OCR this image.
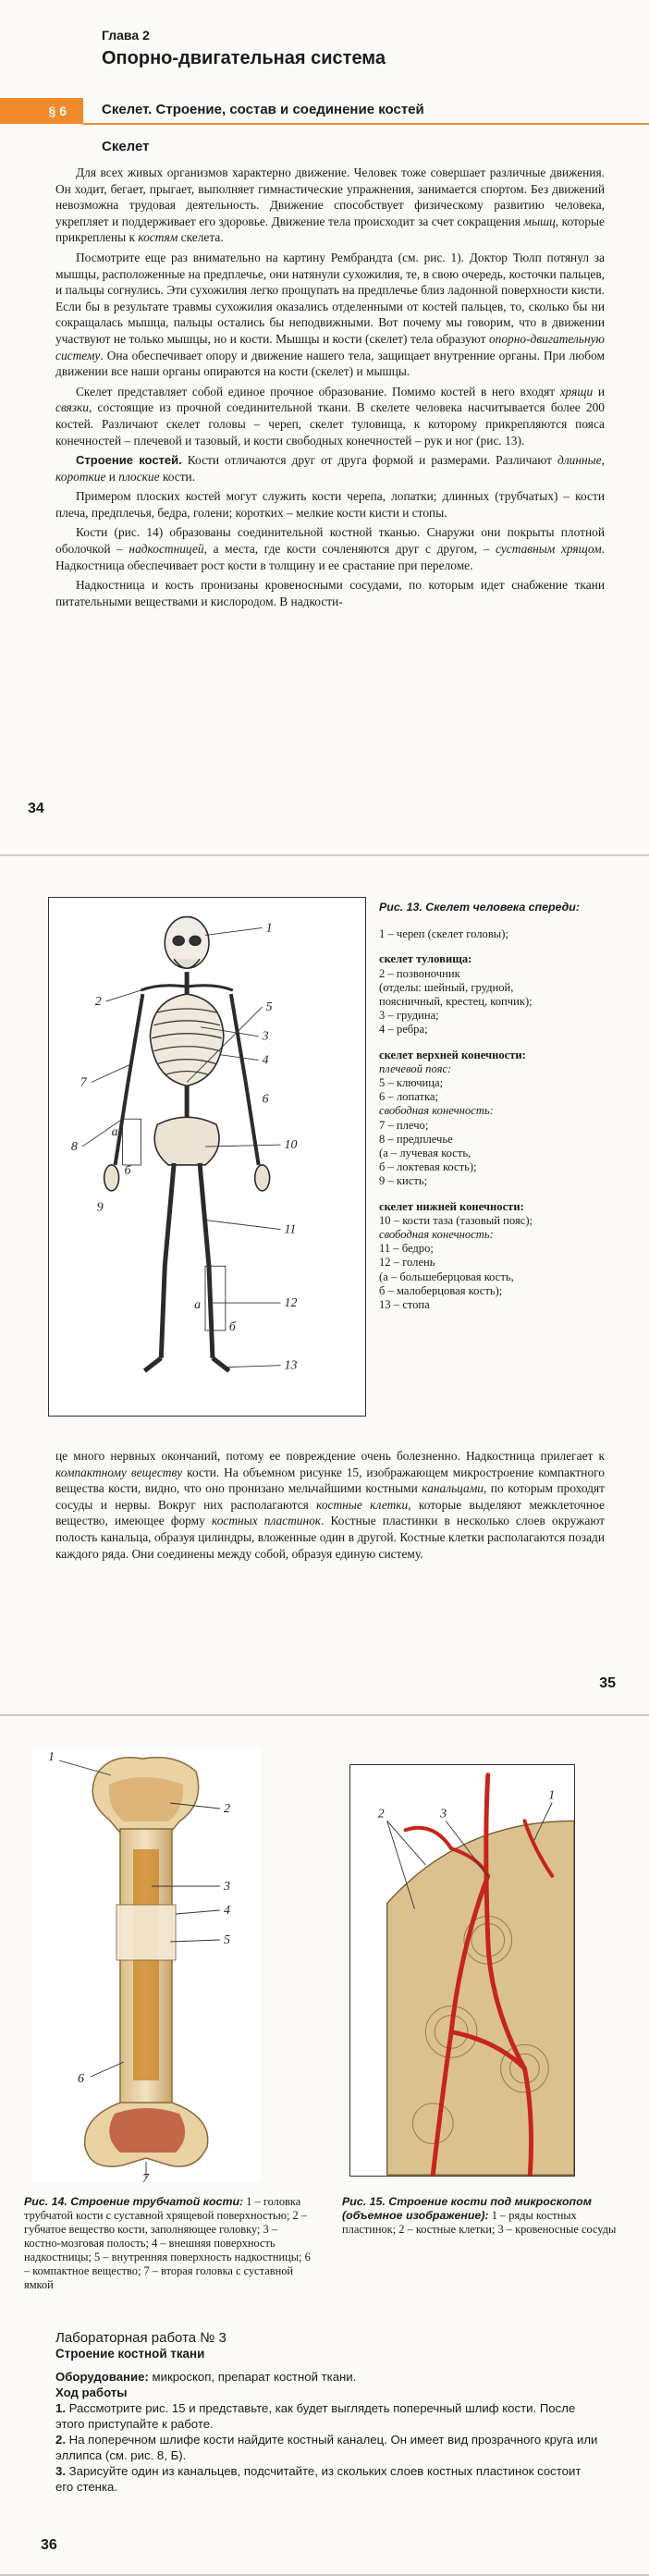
Глава 2
Опорно-двигательная система
§ 6	Скелет. Строение, состав и соединение костей
Скелет

Для всех живых организмов характерно движение. Человек тоже совершает различные движения. Он ходит, бегает, прыгает, выполняет гимнастические упражнения, занимается спортом. Без движений невозможна трудовая деятельность. Движение способствует физическому развитию человека, укрепляет и поддерживает его здоровье. Движение тела происходит за счет сокращения мышц, которые прикреплены к костям скелета.

Посмотрите еще раз внимательно на картину Рембрандта (см. рис. 1). Доктор Тюлп потянул за мышцы, расположенные на предплечье, они натянули сухожилия, те, в свою очередь, косточки пальцев, и пальцы согнулись. Эти сухожилия легко прощупать на предплечье близ ладонной поверхности кисти. Если бы в результате травмы сухожилия оказались отделенными от костей пальцев, то, сколько бы ни сокращалась мышца, пальцы остались бы неподвижными. Вот почему мы говорим, что в движении участвуют не только мышцы, но и кости. Мышцы и кости (скелет) тела образуют опорно-двигательную систему. Она обеспечивает опору и движение нашего тела, защищает внутренние органы. При любом движении все наши органы опираются на кости (скелет) и мышцы.

Скелет представляет собой единое прочное образование. Помимо костей в него входят хрящи и связки, состоящие из прочной соединительной ткани. В скелете человека насчитывается более 200 костей. Различают скелет головы – череп, скелет туловища, к которому прикрепляются пояса конечностей – плечевой и тазовый, и кости свободных конечностей – рук и ног (рис. 13).

Строение костей. Кости отличаются друг от друга формой и размерами. Различают длинные, короткие и плоские кости.

Примером плоских костей могут служить кости черепа, лопатки; длинных (трубчатых) – кости плеча, предплечья, бедра, голени; коротких – мелкие кости кисти и стопы.

Кости (рис. 14) образованы соединительной костной тканью. Снаружи они покрыты плотной оболочкой – надкостницей, а места, где кости сочленяются друг с другом, – суставным хрящом. Надкостница обеспечивает рост кости в толщину и ее срастание при переломе.

Надкостница и кость пронизаны кровеносными сосудами, по которым идет снабжение ткани питательными веществами и кислородом. В надкости-

34
1
2	5
3
4
7
6
10
8
а
б
9
11
12
а
б
13
Рис. 13. Скелет человека спереди:
1 – череп (скелет головы);
скелет туловища:
2 – позвоночник
(отделы: шейный, грудной,
поясничный, крестец, копчик);
3 – грудина;
4 – ребра;
скелет верхней конечности:
плечевой пояс:
5 – ключица;
6 – лопатка;
свободная конечность:
7 – плечо;
8 – предплечье
(а – лучевая кость,
б – локтевая кость);
9 – кисть;
скелет нижней конечности:
10 – кости таза (тазовый пояс);
свободная конечность:
11 – бедро;
12 – голень
(а – большеберцовая кость,
б – малоберцовая кость);
13 – стопа

це много нервных окончаний, потому ее повреждение очень болезненно. Надкостница прилегает к компактному веществу кости. На объемном рисунке 15, изображающем микростроение компактного вещества кости, видно, что оно пронизано мельчайшими костными канальцами, по которым проходят сосуды и нервы. Вокруг них располагаются костные клетки, которые выделяют межклеточное вещество, имеющее форму костных пластинок. Костные пластинки в несколько слоев окружают полость канальца, образуя цилиндры, вложенные один в другой. Костные клетки располагаются позади каждого ряда. Они соединены между собой, образуя единую систему.

35
1
2
3
4
5
6
7
1
2	3
Рис. 14. Строение трубчатой кости: 1 – головка трубчатой кости с суставной хрящевой поверхностью; 2 – губчатое вещество кости, заполняющее головку; 3 – костно-мозговая полость; 4 – внешняя поверхность надкостницы; 5 – внутренняя поверхность надкостницы; 6 – компактное вещество; 7 – вторая головка с суставной ямкой
Рис. 15. Строение кости под микроскопом (объемное изображение): 1 – ряды костных пластинок; 2 – костные клетки; 3 – кровеносные сосуды
Лабораторная работа № 3
Строение костной ткани
Оборудование: микроскоп, препарат костной ткани.
Ход работы
1. Рассмотрите рис. 15 и представьте, как будет выглядеть поперечный шлиф кости. После этого приступайте к работе.
2. На поперечном шлифе кости найдите костный каналец. Он имеет вид прозрачного круга или эллипса (см. рис. 8, Б).
3. Зарисуйте один из канальцев, подсчитайте, из скольких слоев костных пластинок состоит его стенка.
36
